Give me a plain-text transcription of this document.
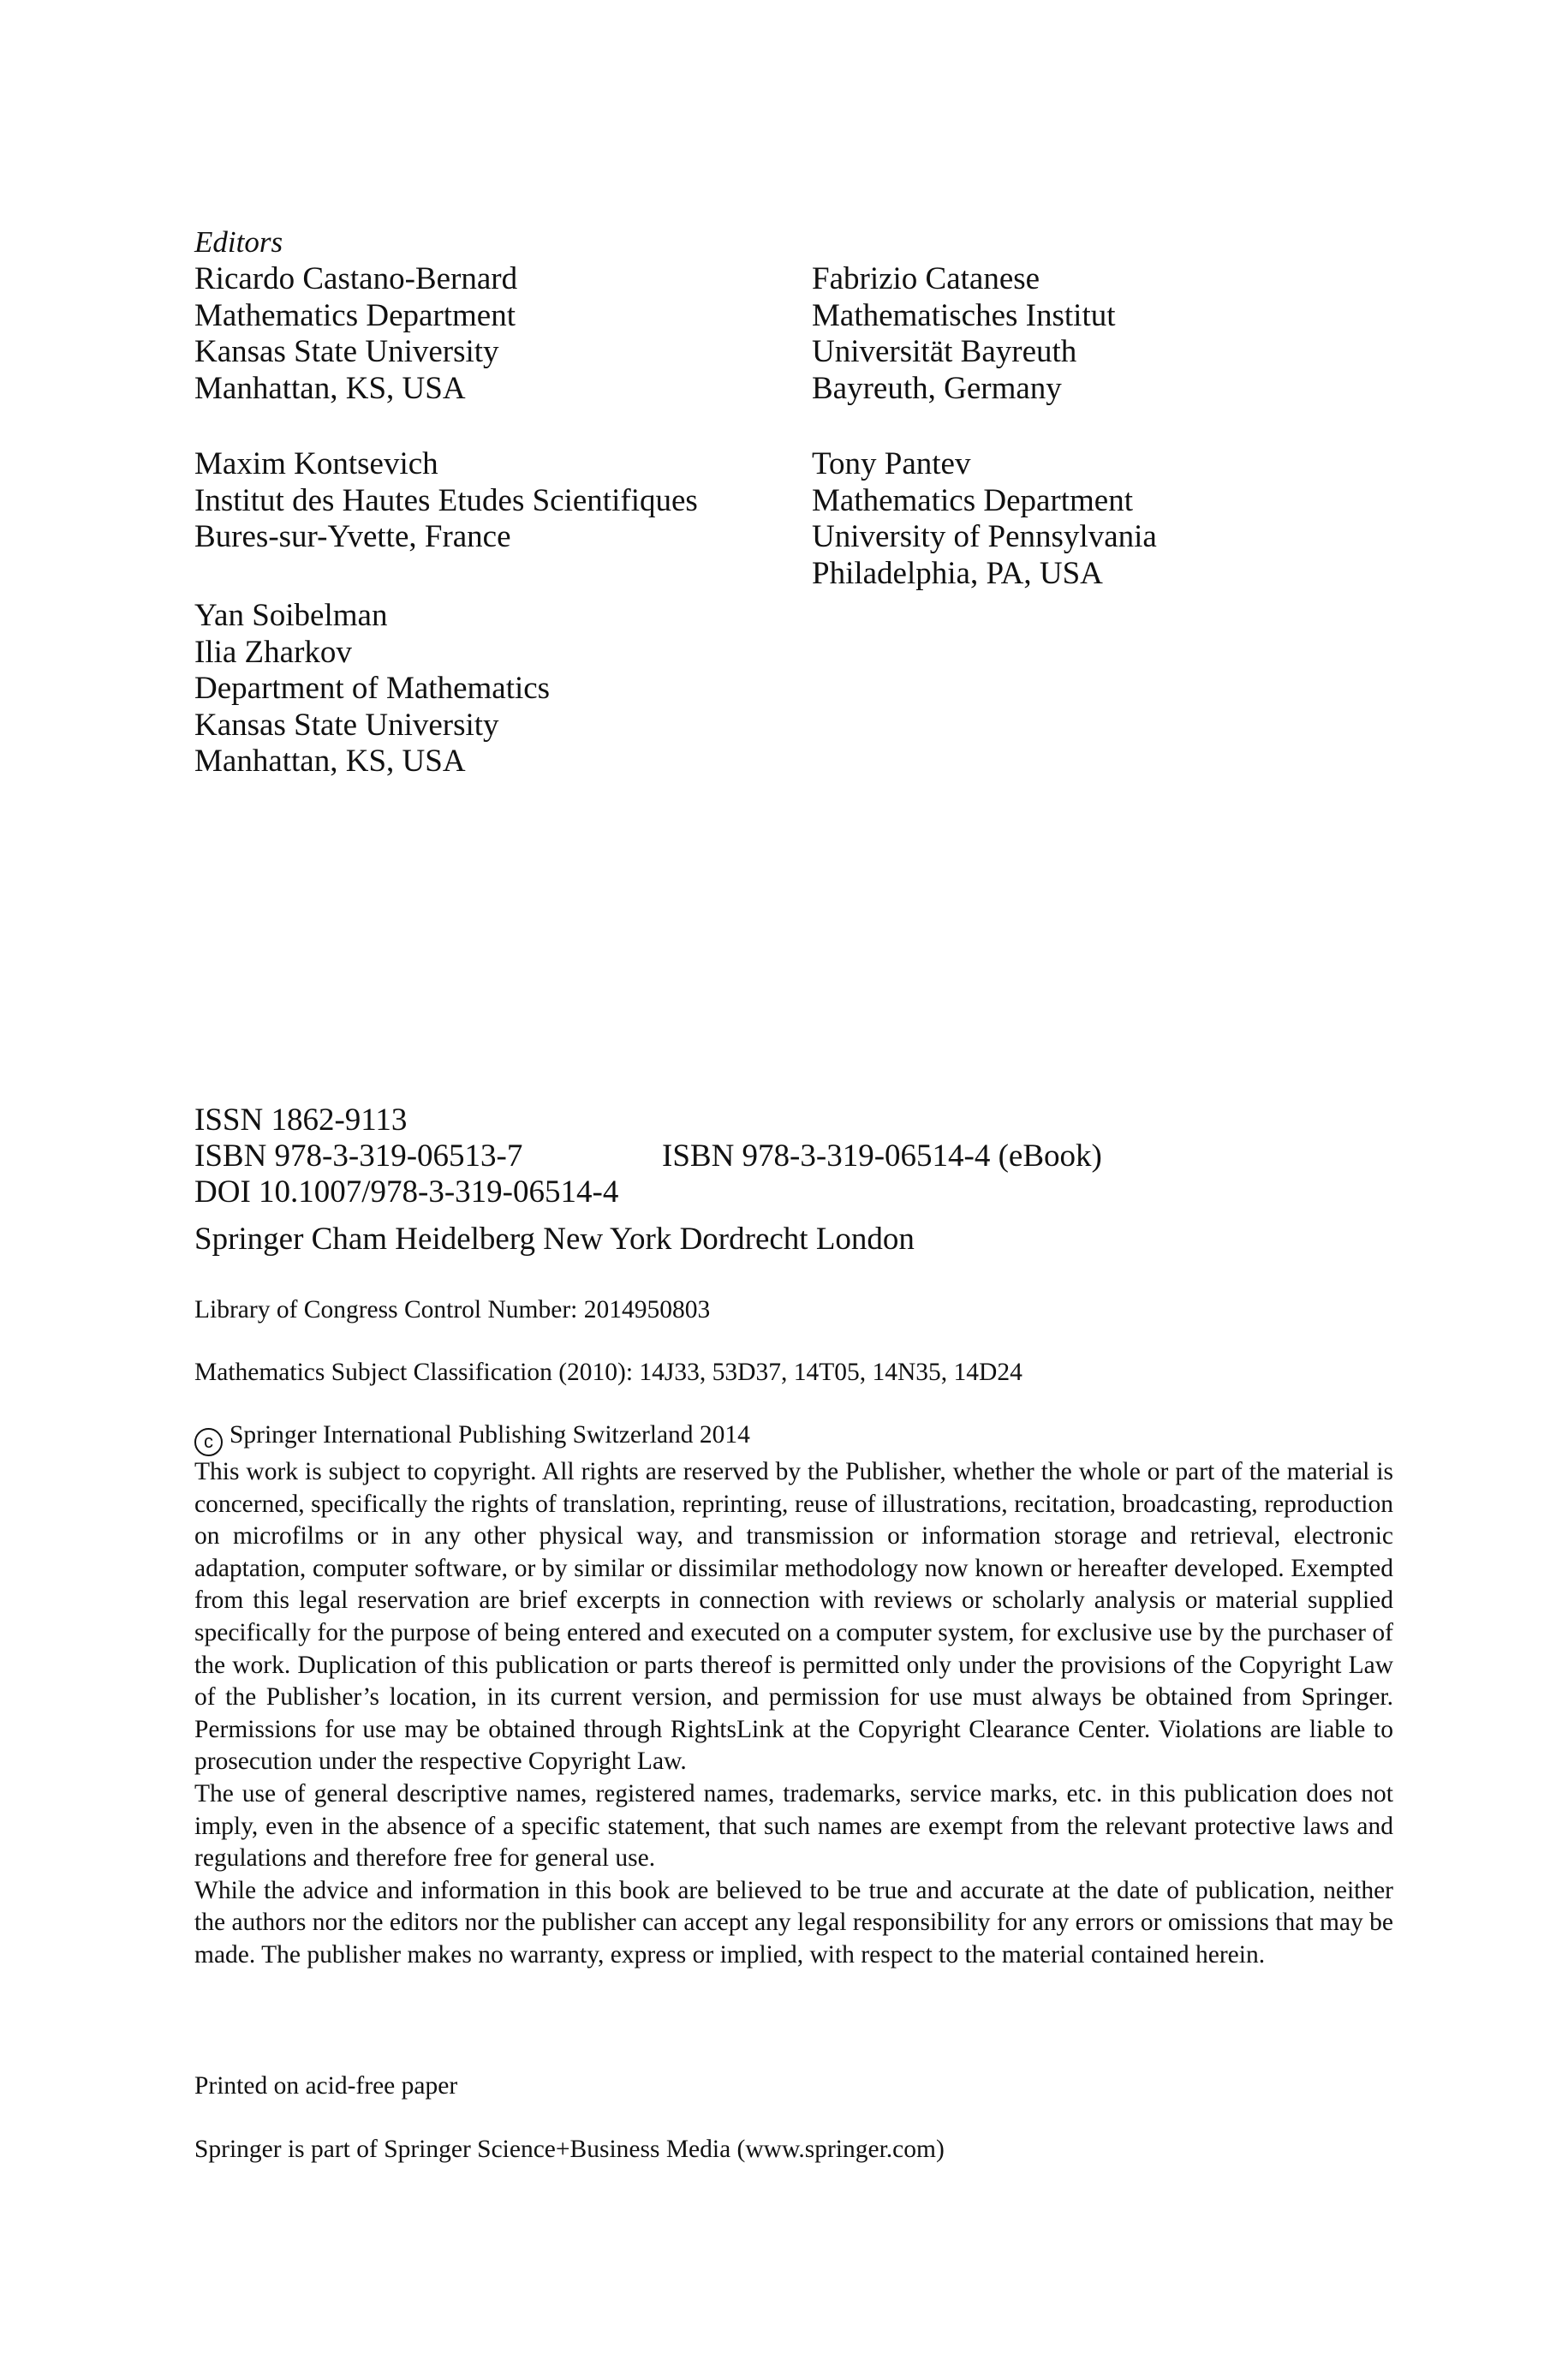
Editors
Ricardo Castano-Bernard
Mathematics Department
Kansas State University
Manhattan, KS, USA
Fabrizio Catanese
Mathematisches Institut
Universität Bayreuth
Bayreuth, Germany
Maxim Kontsevich
Institut des Hautes Etudes Scientifiques
Bures-sur-Yvette, France
Tony Pantev
Mathematics Department
University of Pennsylvania
Philadelphia, PA, USA
Yan Soibelman
Ilia Zharkov
Department of Mathematics
Kansas State University
Manhattan, KS, USA
ISSN 1862-9113
ISBN 978-3-319-06513-7	ISBN 978-3-319-06514-4 (eBook)
DOI 10.1007/978-3-319-06514-4
Springer Cham Heidelberg New York Dordrecht London
Library of Congress Control Number: 2014950803
Mathematics Subject Classification (2010): 14J33, 53D37, 14T05, 14N35, 14D24
c Springer International Publishing Switzerland 2014

This work is subject to copyright. All rights are reserved by the Publisher, whether the whole or part of the material is concerned, specifically the rights of translation, reprinting, reuse of illustrations, recitation, broadcasting, reproduction on microfilms or in any other physical way, and transmission or information storage and retrieval, electronic adaptation, computer software, or by similar or dissimilar methodology now known or hereafter developed. Exempted from this legal reservation are brief excerpts in connection with reviews or scholarly analysis or material supplied specifically for the purpose of being entered and executed on a computer system, for exclusive use by the purchaser of the work. Duplication of this publication or parts thereof is permitted only under the provisions of the Copyright Law of the Publisher’s location, in its current version, and permission for use must always be obtained from Springer. Permissions for use may be obtained through RightsLink at the Copyright Clearance Center. Violations are liable to prosecution under the respective Copyright Law.

The use of general descriptive names, registered names, trademarks, service marks, etc. in this publication does not imply, even in the absence of a specific statement, that such names are exempt from the relevant protective laws and regulations and therefore free for general use.

While the advice and information in this book are believed to be true and accurate at the date of publication, neither the authors nor the editors nor the publisher can accept any legal responsibility for any errors or omissions that may be made. The publisher makes no warranty, express or implied, with respect to the material contained herein.

Printed on acid-free paper
Springer is part of Springer Science+Business Media (www.springer.com)
